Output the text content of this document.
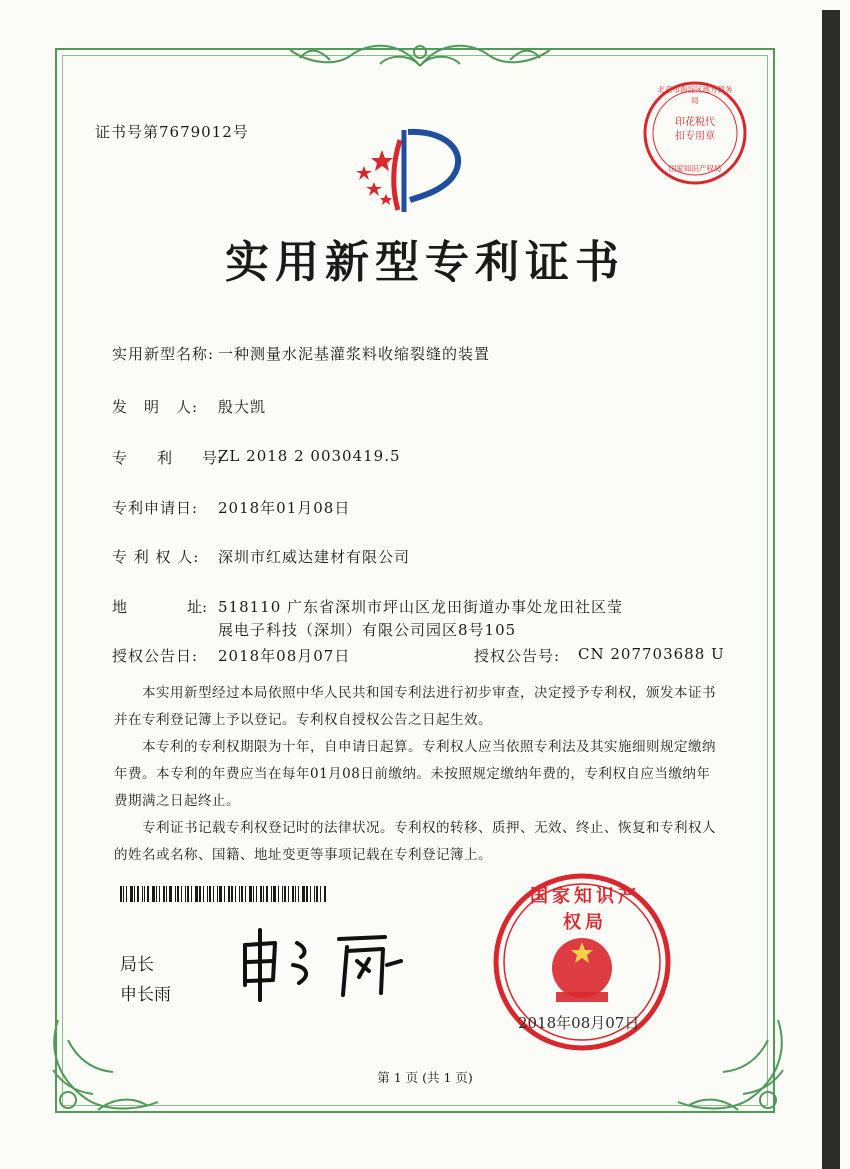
证书号第7679012号
北京市海淀区地方税务局
印花税代扣专用章
国家知识产权局
实用新型专利证书
实用新型名称: 一种测量水泥基灌浆料收缩裂缝的装置
发　明　人: 殷大凯
专　　利　　号:
ZL 2018 2 0030419.5
专利申请日: 2018年01月08日
专 利 权 人: 深圳市红威达建材有限公司
地　　　　址: 518110 广东省深圳市坪山区龙田街道办事处龙田社区莹
展电子科技（深圳）有限公司园区8号105
授权公告日: 2018年08月07日	授权公告号: CN 207703688 U
本实用新型经过本局依照中华人民共和国专利法进行初步审查，决定授予专利权，颁发本证书并在专利登记簿上予以登记。专利权自授权公告之日起生效。
本专利的专利权期限为十年，自申请日起算。专利权人应当依照专利法及其实施细则规定缴纳年费。本专利的年费应当在每年01月08日前缴纳。未按照规定缴纳年费的，专利权自应当缴纳年费期满之日起终止。
专利证书记载专利权登记时的法律状况。专利权的转移、质押、无效、终止、恢复和专利权人的姓名或名称、国籍、地址变更等事项记载在专利登记簿上。
局长
申长雨
国家知识产权局
2018年08月07日
第 1 页 (共 1 页)
